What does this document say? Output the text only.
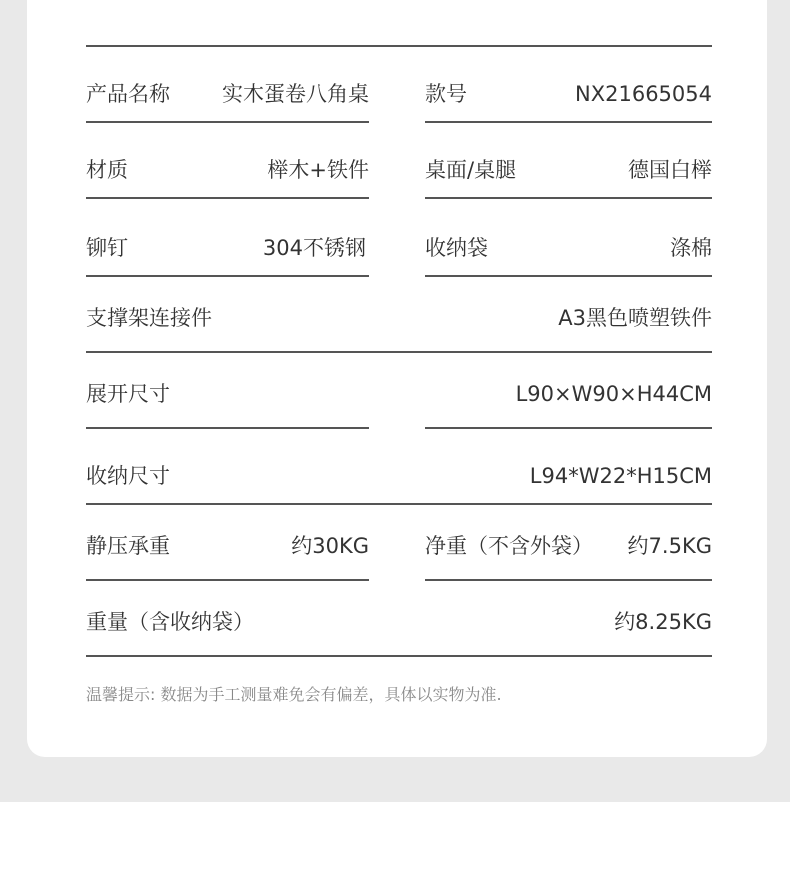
产品名称 实木蛋卷八角桌	款号	NX21665054
材质	榉木+铁件	桌面/桌腿	德国白榉
铆钉	304不锈钢	收纳袋	涤棉
支撑架连接件	A3黑色喷塑铁件
展开尺寸	L90×W90×H44CM
收纳尺寸	L94*W22*H15CM
静压承重	约30KG	净重（不含外袋） 约7.5KG
重量（含收纳袋）	约8.25KG
温馨提示: 数据为手工测量难免会有偏差，具体以实物为准.
